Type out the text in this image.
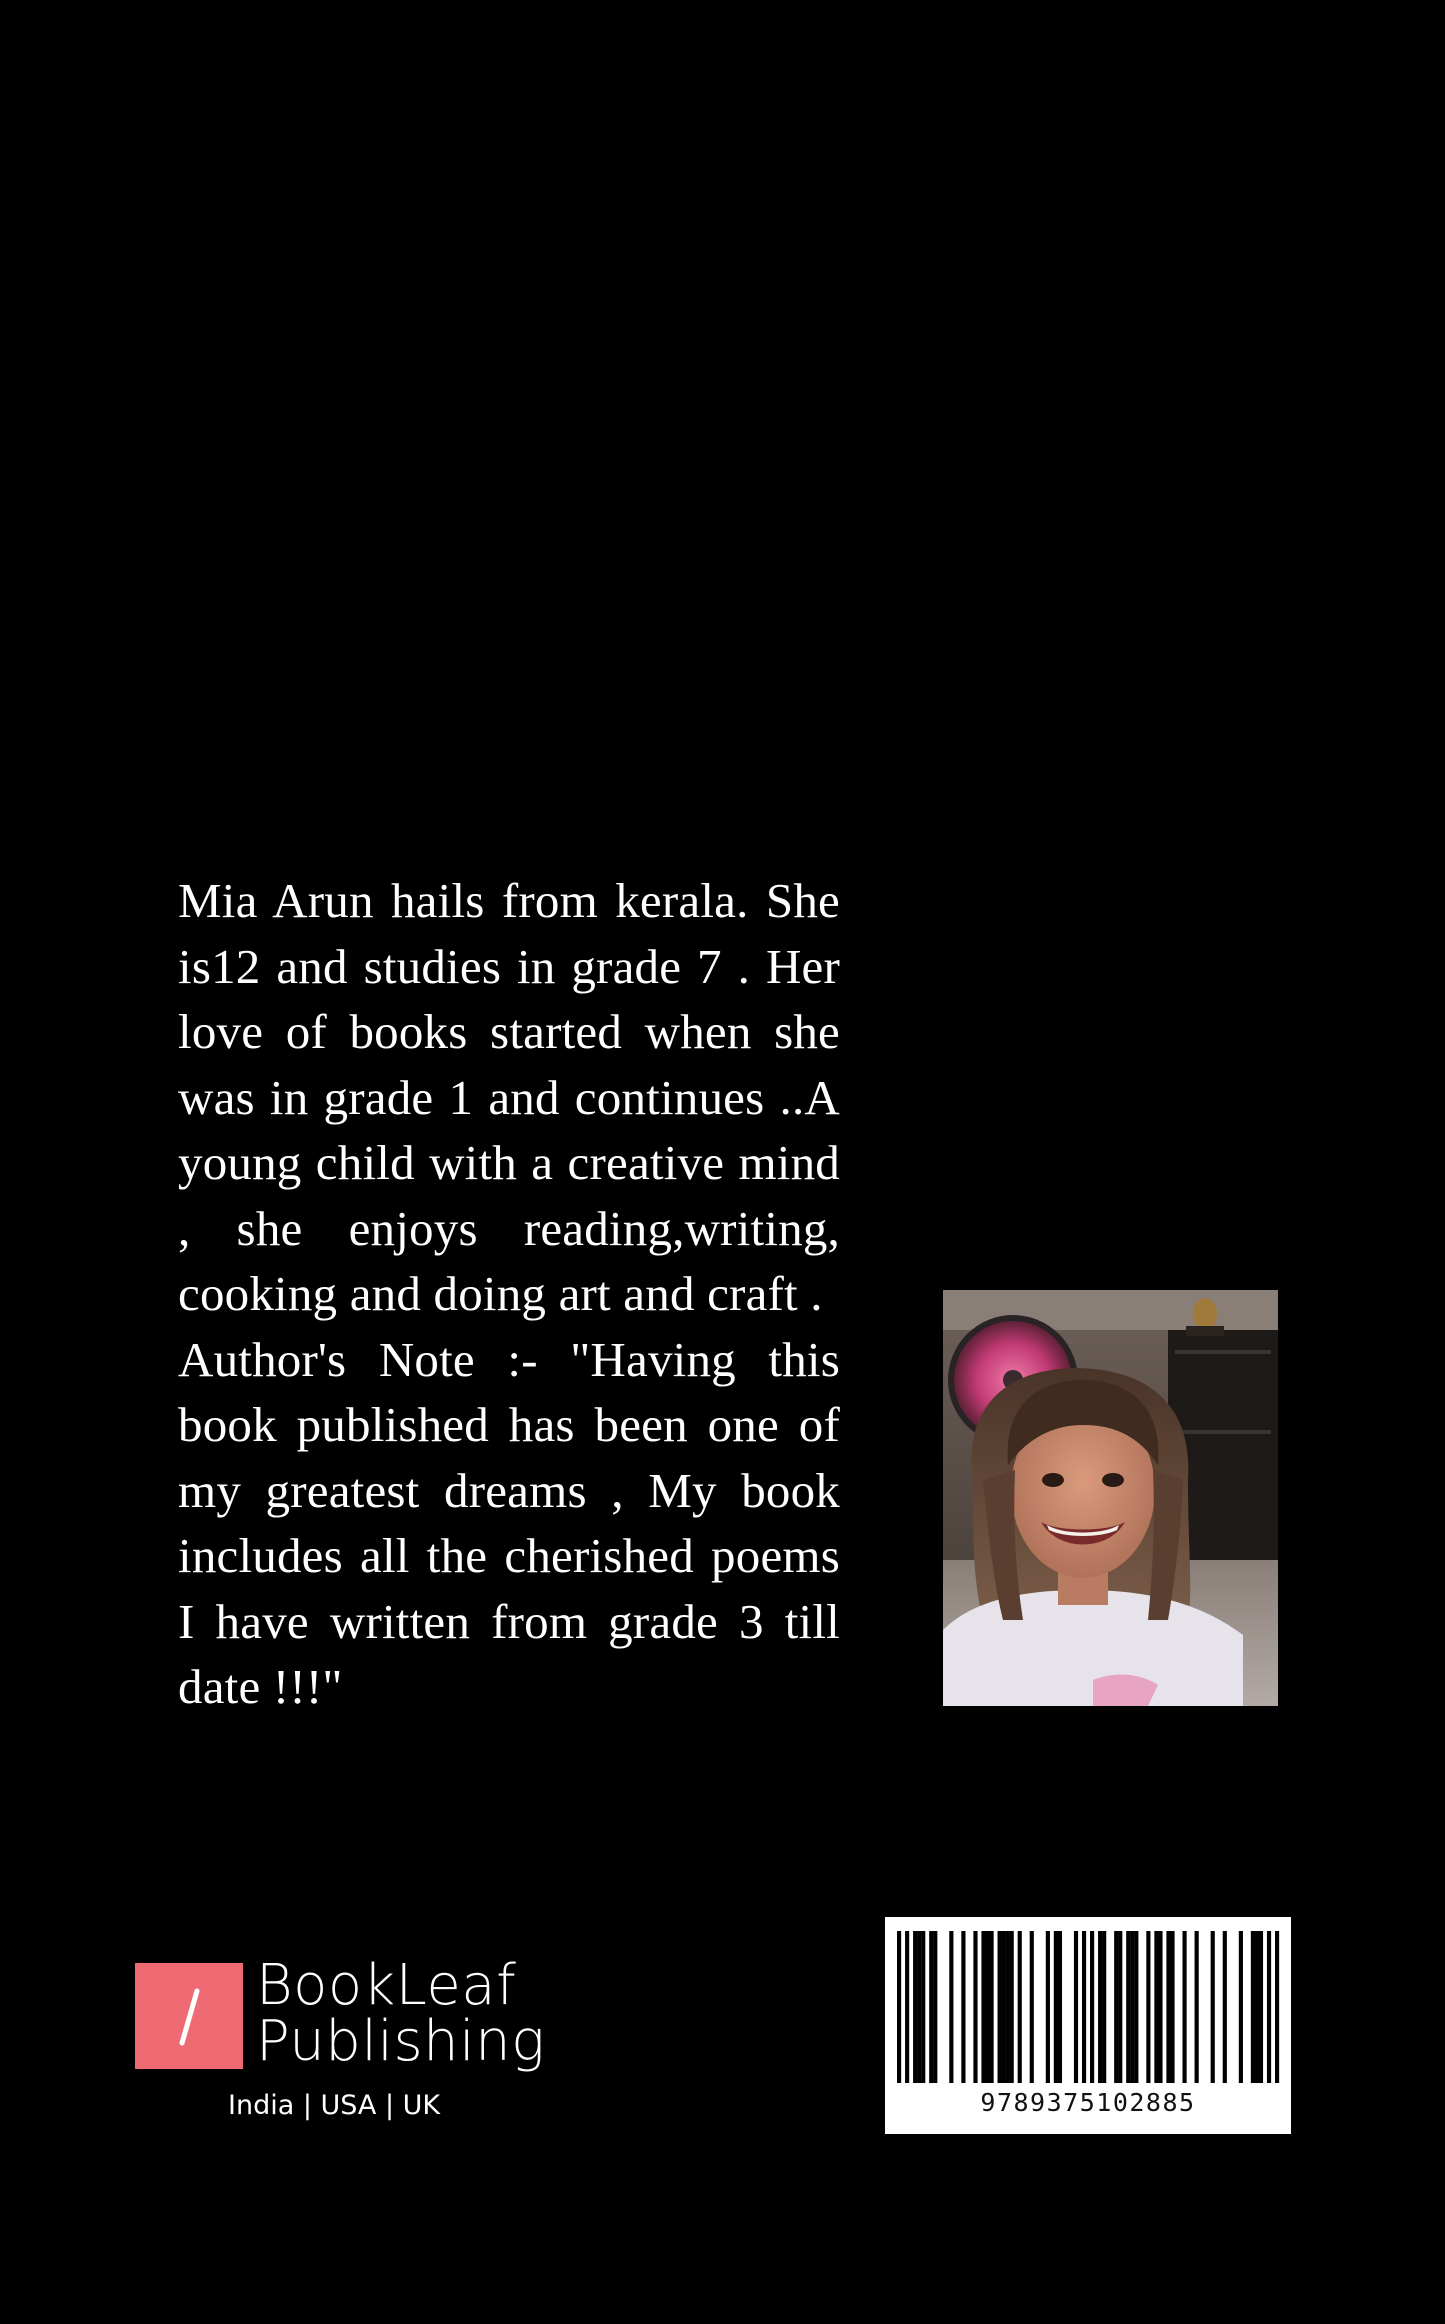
Mia Arun hails from kerala. She is12 and studies in grade 7 . Her love of books started when she was in grade 1 and continues ..A young child with a creative mind , she enjoys reading,writing, cooking and doing art and craft .

Author's Note :- "Having this book published has been one of my greatest dreams , My book includes all the cherished poems I have written from grade 3 till date !!!"

BookLeaf
Publishing
India | USA | UK	9789375102885
